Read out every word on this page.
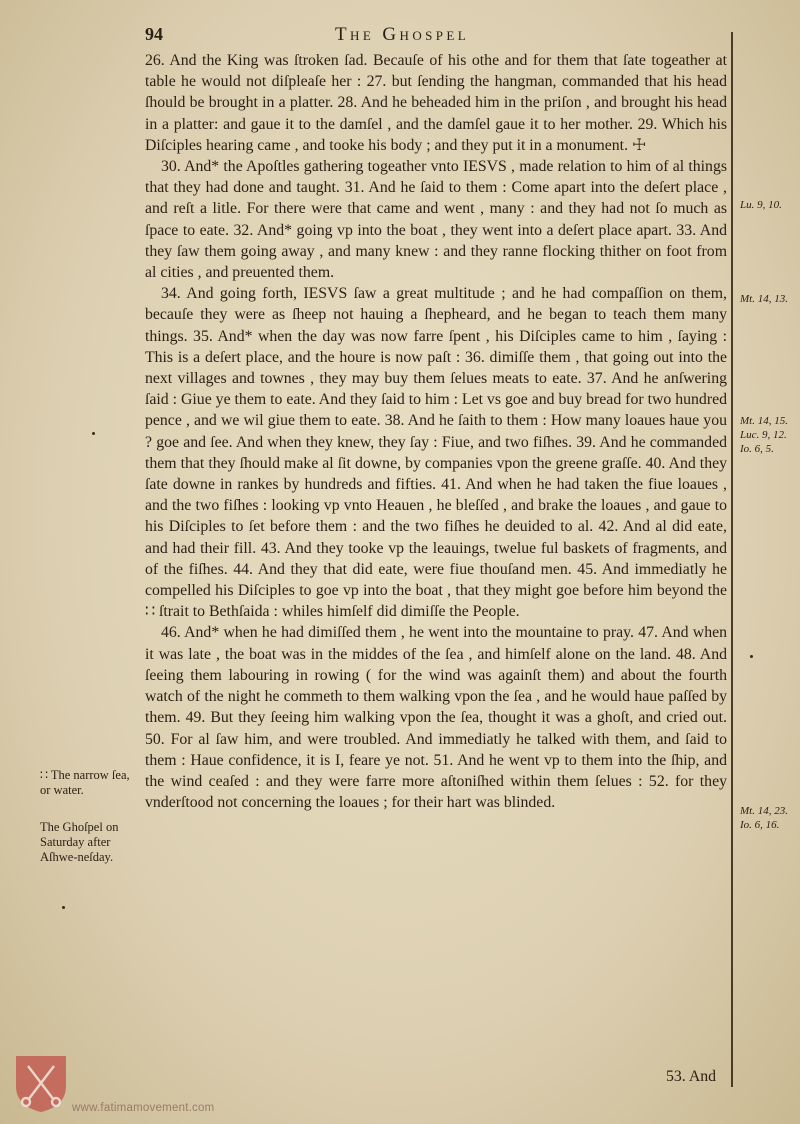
94	The Ghospel

26. And the King was ſtroken ſad. Becauſe of his othe and for them that ſate togeather at table he would not diſpleaſe her : 27. but ſending the hangman, commanded that his head ſhould be brought in a platter. 28. And he beheaded him in the priſon , and brought his head in a platter: and gaue it to the damſel , and the damſel gaue it to her mother. 29. Which his Diſciples hearing came , and tooke his body ; and they put it in a monument. ☩

30. And* the Apoſtles gathering togeather vnto IESVS , made relation to him of al things that they had done and taught. 31. And he ſaid to them : Come apart into the deſert place , and reſt a litle. For there were that came and went , many : and they had not ſo much as ſpace to eate. 32. And* going vp into the boat , they went into a deſert place apart. 33. And they ſaw them going away , and many knew : and they ranne flocking thither on foot from al cities , and preuented them.

34. And going forth, IESVS ſaw a great multitude ; and he had compaſſion on them, becauſe they were as ſheep not hauing a ſhepheard, and he began to teach them many things. 35. And* when the day was now farre ſpent , his Diſciples came to him , ſaying : This is a deſert place, and the houre is now paſt : 36. dimiſſe them , that going out into the next villages and townes , they may buy them ſelues meats to eate. 37. And he anſwering ſaid : Giue ye them to eate. And they ſaid to him : Let vs goe and buy bread for two hundred pence , and we wil giue them to eate. 38. And he ſaith to them : How many loaues haue you ? goe and ſee. And when they knew, they ſay : Fiue, and two fiſhes. 39. And he commanded them that they ſhould make al ſit downe, by companies vpon the greene graſſe. 40. And they ſate downe in rankes by hundreds and fifties. 41. And when he had taken the fiue loaues , and the two fiſhes : looking vp vnto Heauen , he bleſſed , and brake the loaues , and gaue to his Diſciples to ſet before them : and the two fiſhes he deuided to al. 42. And al did eate, and had their fill. 43. And they tooke vp the leauings, twelue ful baskets of fragments, and of the fiſhes. 44. And they that did eate, were fiue thouſand men. 45. And immediatly he compelled his Diſciples to goe vp into the boat , that they might goe before him beyond the ∷ ſtrait to Bethſaida : whiles himſelf did dimiſſe the People.

46. And* when he had dimiſſed them , he went into the mountaine to pray. 47. And when it was late , the boat was in the middes of the ſea , and himſelf alone on the land. 48. And ſeeing them labouring in rowing ( for the wind was againſt them) and about the fourth watch of the night he commeth to them walking vpon the ſea , and he would haue paſſed by them. 49. But they ſeeing him walking vpon the ſea, thought it was a ghoſt, and cried out. 50. For al ſaw him, and were troubled. And immediatly he talked with them, and ſaid to them : Haue confidence, it is I, feare ye not. 51. And he went vp to them into the ſhip, and the wind ceaſed : and they were farre more aſtoniſhed within them ſelues : 52. for they vnderſtood not concerning the loaues ; for their hart was blinded.

Lu. 9, 10.
Mt. 14, 13.
Mt. 14, 15. Luc. 9, 12. Io. 6, 5.
Mt. 14, 23. Io. 6, 16.
∷ The narrow ſea, or water.
The Ghoſpel on Saturday after Aſhwe-neſday.
53. And
www.fatimamovement.com
